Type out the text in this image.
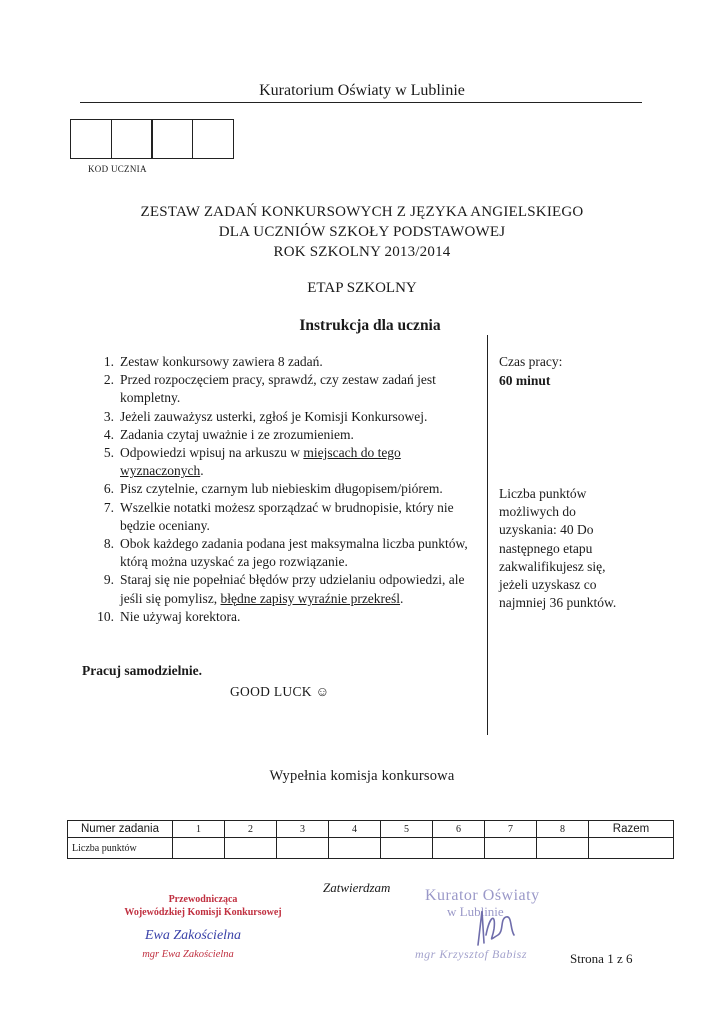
Kuratorium Oświaty w Lublinie
KOD UCZNIA
ZESTAW ZADAŃ KONKURSOWYCH Z JĘZYKA ANGIELSKIEGO
DLA UCZNIÓW SZKOŁY PODSTAWOWEJ
ROK SZKOLNY 2013/2014
ETAP SZKOLNY
Instrukcja dla ucznia
1. Zestaw konkursowy zawiera 8 zadań.
2. Przed rozpoczęciem pracy, sprawdź, czy zestaw zadań jest kompletny.
3. Jeżeli zauważysz usterki, zgłoś je Komisji Konkursowej.
4. Zadania czytaj uważnie i ze zrozumieniem.
5. Odpowiedzi wpisuj na arkuszu w miejscach do tego wyznaczonych.
6. Pisz czytelnie, czarnym lub niebieskim długopisem/piórem.
7. Wszelkie notatki możesz sporządzać w brudnopisie, który nie będzie oceniany.
8. Obok każdego zadania podana jest maksymalna liczba punktów, którą można uzyskać za jego rozwiązanie.
9. Staraj się nie popełniać błędów przy udzielaniu odpowiedzi, ale jeśli się pomylisz, błędne zapisy wyraźnie przekreśl.
10. Nie używaj korektora.
Pracuj samodzielnie.
GOOD LUCK ☺
Czas pracy:
60 minut
Liczba punktów możliwych do uzyskania: 40 Do następnego etapu zakwalifikujesz się, jeżeli uzyskasz co najmniej 36 punktów.
Wypełnia komisja konkursowa
Numer zadania	1	2	3	4	5	6	7	8	Razem
Liczba punktów									
Zatwierdzam
Przewodnicząca
Wojewódzkiej Komisji Konkursowej
Ewa Zakościelna
mgr Ewa Zakościelna
Kurator Oświaty
w Lublinie
mgr Krzysztof Babisz	Strona 1 z 6
